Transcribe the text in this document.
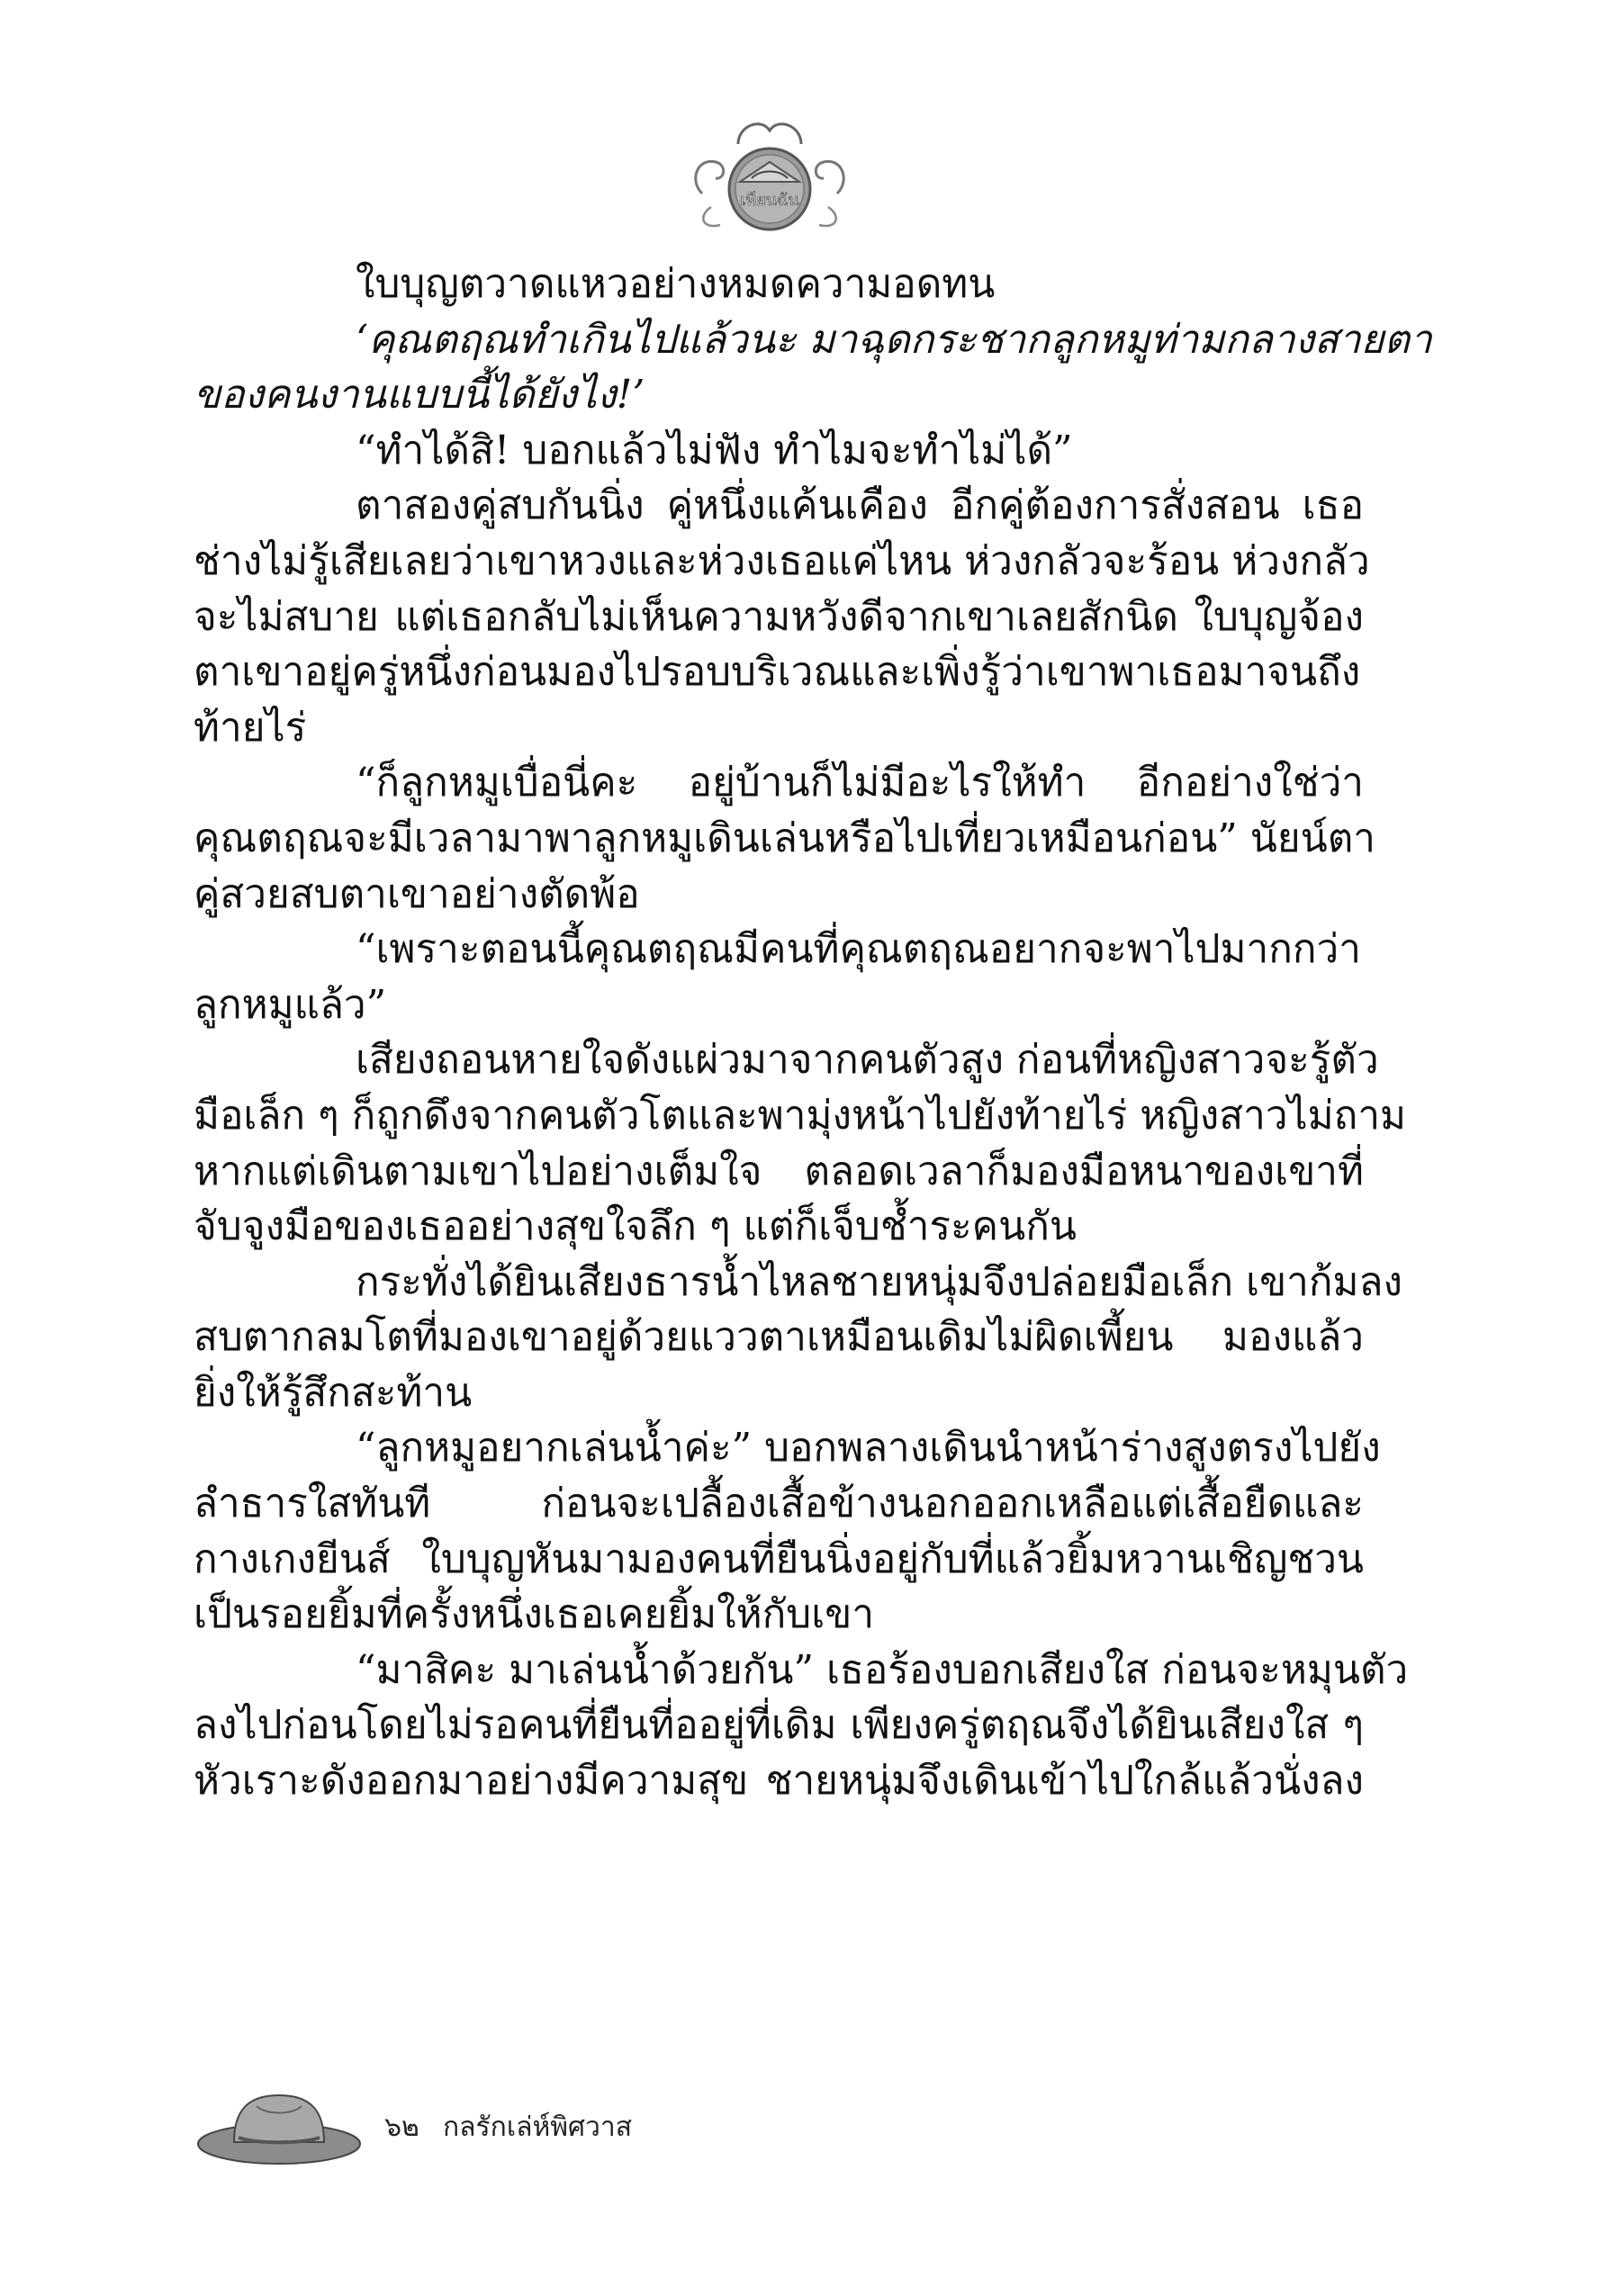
เทียนฉัน
ใบบุญตวาดแหวอย่างหมดความอดทน
‘คุณตฤณทำเกินไปแล้วนะ มาฉุดกระชากลูกหมูท่ามกลางสายตา
ของคนงานแบบนี้ได้ยังไง!’
“ทำได้สิ! บอกแล้วไม่ฟัง ทำไมจะทำไม่ได้”
ตาสองคู่สบกันนิ่ง คู่หนึ่งแค้นเคือง อีกคู่ต้องการสั่งสอน เธอ
ช่างไม่รู้เสียเลยว่าเขาหวงและห่วงเธอแค่ไหน ห่วงกลัวจะร้อน ห่วงกลัว
จะไม่สบาย แต่เธอกลับไม่เห็นความหวังดีจากเขาเลยสักนิด ใบบุญจ้อง
ตาเขาอยู่ครู่หนึ่งก่อนมองไปรอบบริเวณและเพิ่งรู้ว่าเขาพาเธอมาจนถึง
ท้ายไร่
“ก็ลูกหมูเบื่อนี่คะ อยู่บ้านก็ไม่มีอะไรให้ทำ อีกอย่างใช่ว่า
คุณตฤณจะมีเวลามาพาลูกหมูเดินเล่นหรือไปเที่ยวเหมือนก่อน” นัยน์ตา
คู่สวยสบตาเขาอย่างตัดพ้อ
“เพราะตอนนี้คุณตฤณมีคนที่คุณตฤณอยากจะพาไปมากกว่า
ลูกหมูแล้ว”
เสียงถอนหายใจดังแผ่วมาจากคนตัวสูง ก่อนที่หญิงสาวจะรู้ตัว
มือเล็ก ๆ ก็ถูกดึงจากคนตัวโตและพามุ่งหน้าไปยังท้ายไร่ หญิงสาวไม่ถาม
หากแต่เดินตามเขาไปอย่างเต็มใจ ตลอดเวลาก็มองมือหนาของเขาที่
จับจูงมือของเธออย่างสุขใจลึก ๆ แต่ก็เจ็บช้ำระคนกัน
กระทั่งได้ยินเสียงธารน้ำไหลชายหนุ่มจึงปล่อยมือเล็ก เขาก้มลง
สบตากลมโตที่มองเขาอยู่ด้วยแววตาเหมือนเดิมไม่ผิดเพี้ยน มองแล้ว
ยิ่งให้รู้สึกสะท้าน
“ลูกหมูอยากเล่นน้ำค่ะ” บอกพลางเดินนำหน้าร่างสูงตรงไปยัง
ลำธารใสทันที ก่อนจะเปลื้องเสื้อข้างนอกออกเหลือแต่เสื้อยืดและ
กางเกงยีนส์ ใบบุญหันมามองคนที่ยืนนิ่งอยู่กับที่แล้วยิ้มหวานเชิญชวน
เป็นรอยยิ้มที่ครั้งหนึ่งเธอเคยยิ้มให้กับเขา
“มาสิคะ มาเล่นน้ำด้วยกัน” เธอร้องบอกเสียงใส ก่อนจะหมุนตัว
ลงไปก่อนโดยไม่รอคนที่ยืนที่ออยู่ที่เดิม เพียงครู่ตฤณจึงได้ยินเสียงใส ๆ
หัวเราะดังออกมาอย่างมีความสุข ชายหนุ่มจึงเดินเข้าไปใกล้แล้วนั่งลง
๖๒ กลรักเล่ห์พิศวาส
